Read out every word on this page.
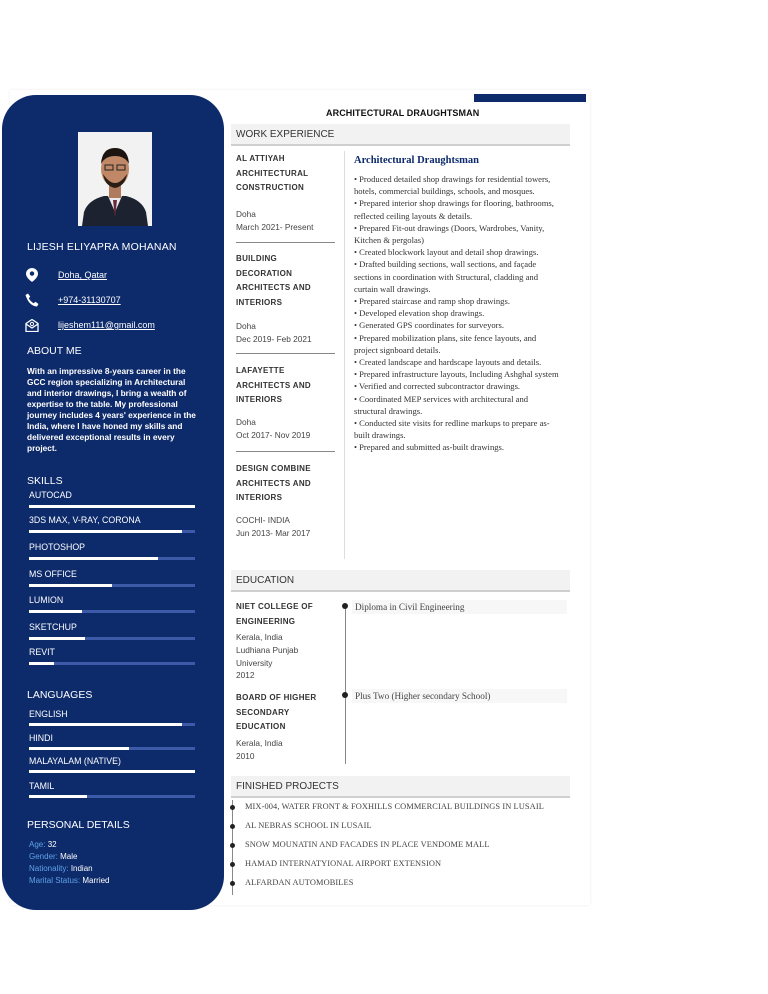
LIJESH ELIYAPRA MOHANAN
Doha, Qatar
+974-31130707
lijeshem111@gmail.com
ABOUT ME
With an impressive 8-years career in the GCC region specializing in Architectural and interior drawings, I bring a wealth of expertise to the table. My professional journey includes 4 years' experience in the India, where I have honed my skills and delivered exceptional results in every project.
SKILLS
AUTOCAD
3DS MAX, V-RAY, CORONA
PHOTOSHOP
MS OFFICE
LUMION
SKETCHUP
REVIT
LANGUAGES
ENGLISH
HINDI
MALAYALAM (NATIVE)
TAMIL
PERSONAL DETAILS
Age: 32
Gender: Male
Nationality: Indian
Marital Status: Married
ARCHITECTURAL DRAUGHTSMAN
WORK EXPERIENCE
AL ATTIYAH ARCHITECTURAL CONSTRUCTION
Doha
March 2021- Present
BUILDING DECORATION ARCHITECTS AND INTERIORS
Doha
Dec 2019- Feb 2021
LAFAYETTE ARCHITECTS AND INTERIORS
Doha
Oct 2017- Nov 2019
DESIGN COMBINE ARCHITECTS AND INTERIORS
COCHI- INDIA
Jun 2013- Mar 2017
Architectural Draughtsman
• Produced detailed shop drawings for residential towers, hotels, commercial buildings, schools, and mosques.
• Prepared interior shop drawings for flooring, bathrooms, reflected ceiling layouts & details.
• Prepared Fit-out drawings (Doors, Wardrobes, Vanity, Kitchen & pergolas)
• Created blockwork layout and detail shop drawings.
• Drafted building sections, wall sections, and façade sections in coordination with Structural, cladding and curtain wall drawings.
• Prepared staircase and ramp shop drawings.
• Developed elevation shop drawings.
• Generated GPS coordinates for surveyors.
• Prepared mobilization plans, site fence layouts, and project signboard details.
• Created landscape and hardscape layouts and details.
• Prepared infrastructure layouts, Including Ashghal system
• Verified and corrected subcontractor drawings.
• Coordinated MEP services with architectural and structural drawings.
• Conducted site visits for redline markups to prepare as-built drawings.
• Prepared and submitted as-built drawings.
EDUCATION
NIET COLLEGE OF ENGINEERING
Kerala, India
Ludhiana Punjab University
2012
BOARD OF HIGHER SECONDARY EDUCATION
Kerala, India
2010
Diploma in Civil Engineering
Plus Two (Higher secondary School)
FINISHED PROJECTS
MIX-004, WATER FRONT & FOXHILLS COMMERCIAL BUILDINGS IN LUSAIL
AL NEBRAS SCHOOL IN LUSAIL
SNOW MOUNATIN AND FACADES IN PLACE VENDOME MALL
HAMAD INTERNATYIONAL AIRPORT EXTENSION
ALFARDAN AUTOMOBILES
